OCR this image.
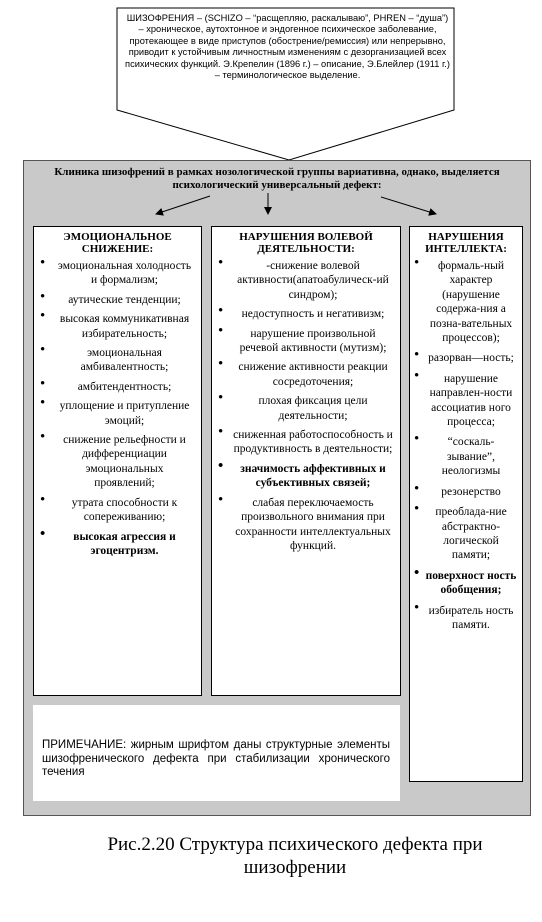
ШИЗОФРЕНИЯ – (SCHIZO – “расщепляю, раскалываю”, PHREN – “душа”) – хроническое, аутохтонное и эндогенное психическое заболевание, протекающее в виде приступов (обострение/ремиссия) или непрерывно, приводит к устойчивым личностным изменениям с дезорганизацией всех психических функций. Э.Крепелин (1896 г.) – описание, Э.Блейлер (1911 г.) – терминологическое выделение.
Клиника шизофрений в рамках нозологической группы вариативна, однако, выделяется психологический универсальный дефект:
ЭМОЦИОНАЛЬНОЕ СНИЖЕНИЕ:
• эмоциональная холодность и формализм;
• аутические тенденции;
• высокая коммуникативная избирательность;
• эмоциональная амбивалентность;
• амбитендентность;
• уплощение и притупление эмоций;
• снижение рельефности и дифференциации эмоциональных проявлений;
• утрата способности к сопереживанию;
• высокая агрессия и эгоцентризм.
НАРУШЕНИЯ ВОЛЕВОЙ ДЕЯТЕЛЬНОСТИ:
• -снижение волевой активности(апатоабулическ-ий синдром);
• недоступность и негативизм;
• нарушение произвольной речевой активности (мутизм);
• снижение активности реакции сосредоточения;
• плохая фиксация цели деятельности;
• сниженная работоспособность и продуктивность в деятельности;
• значимость аффективных и субъективных связей;
• слабая переключаемость произвольного внимания при сохранности интеллектуальных функций.
НАРУШЕНИЯ ИНТЕЛЛЕКТА:
• формаль-ный характер (нарушение содержа-ния a позна-вательных процессов);
• разорван—ность;
• нарушение направлен-ности ассоциатив ного процесса;
• “соскаль-зывание”, неологизмы
• резонерство
• преоблада-ние абстрактно-логической памяти;
• поверхност ность обобщения;
• избиратель ность памяти.
ПРИМЕЧАНИЕ: жирным шрифтом даны структурные элементы шизофренического дефекта при стабилизации хронического течения
Рис.2.20 Структура психического дефекта при шизофрении
